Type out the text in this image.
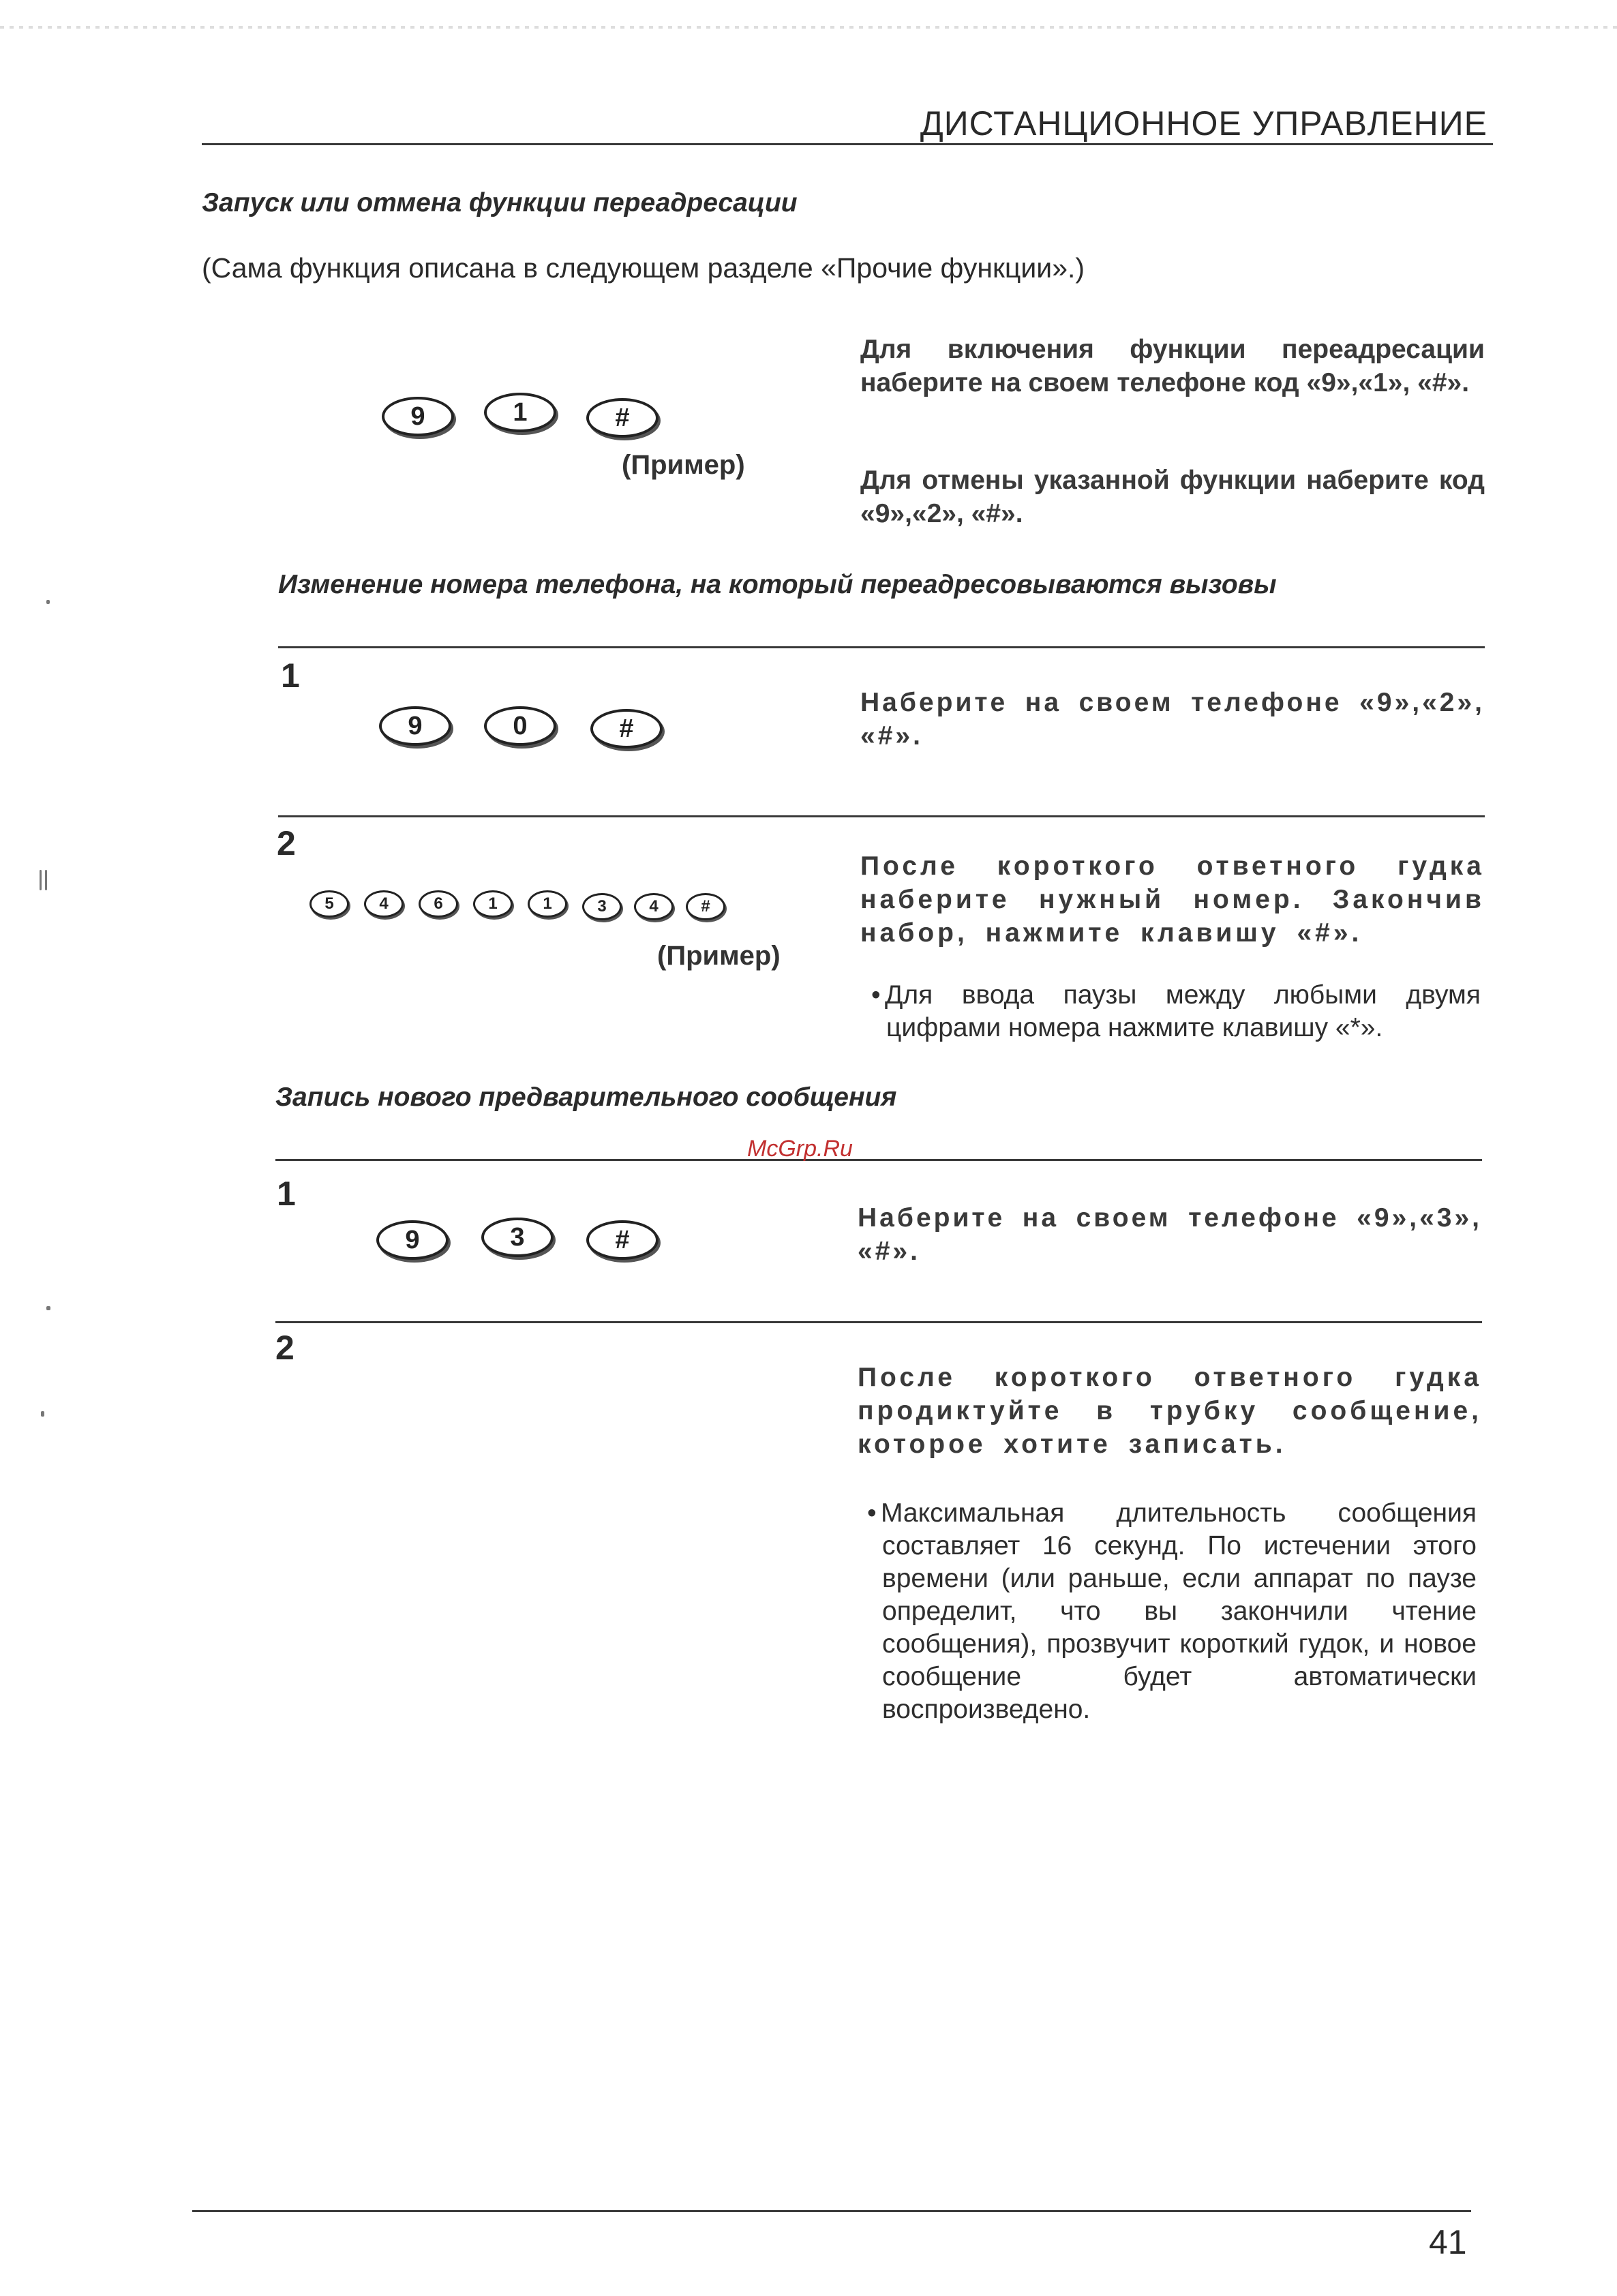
ДИСТАНЦИОННОЕ УПРАВЛЕНИЕ
Запуск или отмена функции переадресации
(Сама функция описана в следующем разделе «Прочие функции».)
9	1	#
(Пример)
Для включения функции переадресации наберите на своем телефоне код «9»,«1», «#».
Для отмены указанной функции наберите код «9»,«2», «#».
Изменение номера телефона, на который переадресовываются вызовы
1
9	0	#
Наберите на своем телефоне «9»,«2», «#».
2
5	4	6	1	1	3	4	#
(Пример)
После короткого ответного гудка наберите нужный номер. Закончив набор, нажмите клавишу «#».
• Для ввода паузы между любыми двумя цифрами номера нажмите клавишу «*».
Запись нового предварительного сообщения
McGrp.Ru
1
9	3	#
Наберите на своем телефоне «9»,«3», «#».
2
После короткого ответного гудка продиктуйте в трубку сообщение, которое хотите записать.
• Максимальная длительность сообщения составляет 16 секунд. По истечении этого времени (или раньше, если аппарат по паузе определит, что вы закончили чтение сообщения), прозвучит короткий гудок, и новое сообщение будет автоматически воспроизведено.
41
